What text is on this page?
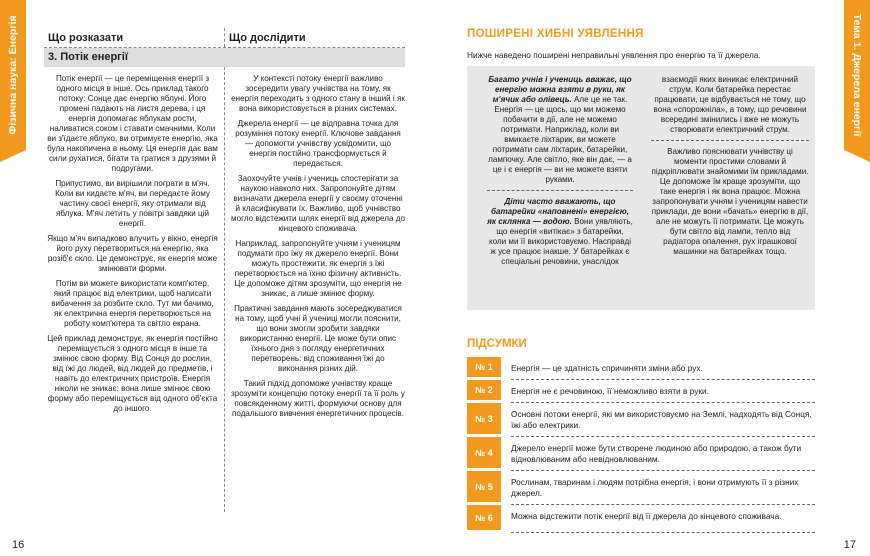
Фізична наука: Енергія	Тема 1. Джерела енергії
Що розказати	Що дослідити
3. Потік енергії

Потік енергії — це переміщення енергії з одного місця в інше. Ось приклад такого потоку: Сонце дає енергію яблуні. Його промені падають на листя дерева, і ця енергія допомагає яблукам рости, наливатися соком і ставати смачними. Коли ви з'їдаєте яблуко, ви отримуєте енергію, яка була накопичена в ньому. Ця енергія дає вам сили рухатися, бігати та гратися з друзями й подругами.

Припустимо, ви вирішили пограти в м'яч. Коли ви кидаєте м'яч, ви передаєте йому частину своєї енергії, яку отримали від яблука. М'яч летить у повітрі завдяки цій енергії.

Якщо м'яч випадково влучить у вікно, енергія його руху перетвориться на енергію, яка розіб'є скло. Це демонструє, як енергія може змінювати форми.

Потім ви можете використати комп'ютер, який працює від електрики, щоб написати вибачення за розбите скло. Тут ми бачимо, як електрична енергія перетворюється на роботу комп'ютера та світло екрана.

Цей приклад демонструє, як енергія постійно переміщується з одного місця в інше та змінює свою форму. Від Сонця до рослин, від їжі до людей, від людей до предметів, і навіть до електричних пристроїв. Енергія ніколи не зникає: вона лише змінює свою форму або переміщується від одного об'єкта до іншого.

У контексті потоку енергії важливо зосередити увагу учнівства на тому, як енергія переходить з одного стану в інший і як вона використовується в різних системах.

Джерела енергії — це відправна точка для розуміння потоку енергії. Ключове завдання — допомогти учнівству усвідомити, що енергія постійно трансформується й передається.

Заохочуйте учнів і учениць спостерігати за наукою навколо них. Запропонуйте дітям визначати джерела енергії у своєму оточенні й класифікувати їх. Важливо, щоб учнівство могло відстежити шлях енергії від джерела до кінцевого споживача.

Наприклад, запропонуйте учням і ученицям подумати про їжу як джерело енергії. Вони можуть простежити, як енергія з їжі перетворюється на їхню фізичну активність. Це допоможе дітям зрозуміти, що енергія не зникає, а лише змінює форму.

Практичні завдання мають зосереджуватися на тому, щоб учні й учениці могли пояснити, що вони змогли зробити завдяки використанню енергії. Це може бути опис їхнього дня з погляду енергетичних перетворень: від споживання їжі до виконання різних дій.

Такий підхід допоможе учнівству краще зрозуміти концепцію потоку енергії та її роль у повсякденному житті, формуючи основу для подальшого вивчення енергетичних процесів.

16
ПОШИРЕНІ ХИБНІ УЯВЛЕННЯ
Нижче наведено поширені неправильні уявлення про енергію та її джерела.

Багато учнів і учениць вважає, що енергію можна взяти в руки, як м'ячик або олівець. Але це не так. Енергія — це щось, що ми можемо побачити в дії, але не можемо потримати. Наприклад, коли ви вмикаєте ліхтарик, ви можете потримати сам ліхтарик, батарейки, лампочку. Але світло, яке він дає, — а це і є енергія — ви не можете взяти руками.

Діти часто вважають, що батарейки «наповнені» енергією, як склянка — водою. Вони уявляють, що енергія «витікає» з батарейки, коли ми її використовуємо. Насправді ж усе працює інакше. У батарейках є спеціальні речовини, унаслідок

взаємодії яких виникає електричний струм. Коли батарейка перестає працювати, це відбувається не тому, що вона «спорожніла», а тому, що речовини всередині змінились і вже не можуть створювати електричний струм.

Важливо пояснювати учнівству ці моменти простими словами й підкріплювати знайомими їм прикладами. Це допоможе їм краще зрозуміти, що таке енергія і як вона працює. Можна запропонувати учням і ученицям навести приклади, де вони «бачать» енергію в дії, але не можуть її потримати. Це можуть бути світло від лампи, тепло від радіатора опалення, рух іграшкової машинки на батарейках тощо.

ПІДСУМКИ
№ 1	Енергія — це здатність спричиняти зміни або рух.
№ 2	Енергія не є речовиною, її неможливо взяти в руки.
№ 3	Основні потоки енергії, які ми використовуємо на Землі, надходять від Сонця, їжі або електрики.
№ 4	Джерело енергії може бути створене людиною або природою, а також бути відновлюваним або невідновлюваним.
№ 5	Рослинам, тваринам і людям потрібна енергія, і вони отримують її з різних джерел.
№ 6	Можна відстежити потік енергії від її джерела до кінцевого споживача.
17
